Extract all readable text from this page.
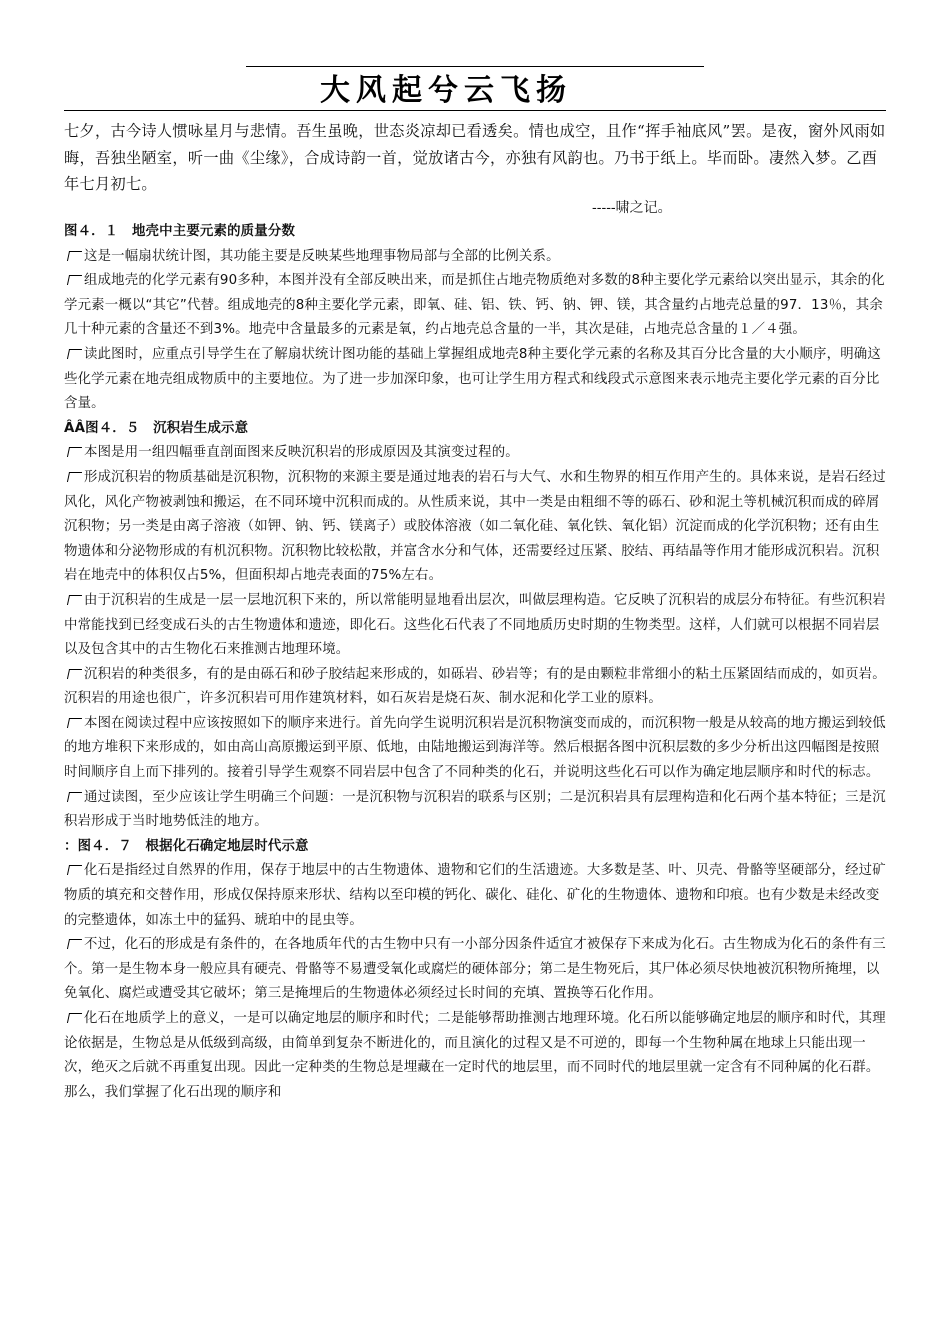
大风起兮云飞扬
七夕，古今诗人惯咏星月与悲情。吾生虽晚，世态炎凉却已看透矣。情也成空，且作“挥手袖底风”罢。是夜，窗外风雨如晦，吾独坐陋室，听一曲《尘缘》，合成诗韵一首，觉放诸古今，亦独有风韵也。乃书于纸上。毕而卧。凄然入梦。乙酉年七月初七。
-----啸之记。

图４．１　地壳中主要元素的质量分数

这是一幅扇状统计图，其功能主要是反映某些地理事物局部与全部的比例关系。

组成地壳的化学元素有90多种，本图并没有全部反映出来，而是抓住占地壳物质绝对多数的8种主要化学元素给以突出显示，其余的化学元素一概以“其它”代替。组成地壳的8种主要化学元素，即氧、硅、铝、铁、钙、钠、钾、镁，其含量约占地壳总量的97．13％，其余几十种元素的含量还不到3%。地壳中含量最多的元素是氧，约占地壳总含量的一半，其次是硅，占地壳总含量的１／４强。

读此图时，应重点引导学生在了解扇状统计图功能的基础上掌握组成地壳8种主要化学元素的名称及其百分比含量的大小顺序，明确这些化学元素在地壳组成物质中的主要地位。为了进一步加深印象，也可让学生用方程式和线段式示意图来表示地壳主要化学元素的百分比含量。

ÂÂ图４．５　沉积岩生成示意

本图是用一组四幅垂直剖面图来反映沉积岩的形成原因及其演变过程的。

形成沉积岩的物质基础是沉积物，沉积物的来源主要是通过地表的岩石与大气、水和生物界的相互作用产生的。具体来说，是岩石经过风化，风化产物被剥蚀和搬运，在不同环境中沉积而成的。从性质来说，其中一类是由粗细不等的砾石、砂和泥土等机械沉积而成的碎屑沉积物；另一类是由离子溶液（如钾、钠、钙、镁离子）或胶体溶液（如二氧化硅、氧化铁、氧化铝）沉淀而成的化学沉积物；还有由生物遗体和分泌物形成的有机沉积物。沉积物比较松散，并富含水分和气体，还需要经过压紧、胶结、再结晶等作用才能形成沉积岩。沉积岩在地壳中的体积仅占5%，但面积却占地壳表面的75%左右。

由于沉积岩的生成是一层一层地沉积下来的，所以常能明显地看出层次，叫做层理构造。它反映了沉积岩的成层分布特征。有些沉积岩中常能找到已经变成石头的古生物遗体和遗迹，即化石。这些化石代表了不同地质历史时期的生物类型。这样，人们就可以根据不同岩层以及包含其中的古生物化石来推测古地理环境。

沉积岩的种类很多，有的是由砾石和砂子胶结起来形成的，如砾岩、砂岩等；有的是由颗粒非常细小的粘土压紧固结而成的，如页岩。沉积岩的用途也很广，许多沉积岩可用作建筑材料，如石灰岩是烧石灰、制水泥和化学工业的原料。

本图在阅读过程中应该按照如下的顺序来进行。首先向学生说明沉积岩是沉积物演变而成的，而沉积物一般是从较高的地方搬运到较低的地方堆积下来形成的，如由高山高原搬运到平原、低地，由陆地搬运到海洋等。然后根据各图中沉积层数的多少分析出这四幅图是按照时间顺序自上而下排列的。接着引导学生观察不同岩层中包含了不同种类的化石，并说明这些化石可以作为确定地层顺序和时代的标志。

通过读图，至少应该让学生明确三个问题：一是沉积物与沉积岩的联系与区别；二是沉积岩具有层理构造和化石两个基本特征；三是沉积岩形成于当时地势低洼的地方。

：图４．７　根据化石确定地层时代示意

化石是指经过自然界的作用，保存于地层中的古生物遗体、遗物和它们的生活遗迹。大多数是茎、叶、贝壳、骨骼等坚硬部分，经过矿物质的填充和交替作用，形成仅保持原来形状、结构以至印模的钙化、碳化、硅化、矿化的生物遗体、遗物和印痕。也有少数是未经改变的完整遗体，如冻土中的猛犸、琥珀中的昆虫等。

不过，化石的形成是有条件的，在各地质年代的古生物中只有一小部分因条件适宜才被保存下来成为化石。古生物成为化石的条件有三个。第一是生物本身一般应具有硬壳、骨骼等不易遭受氧化或腐烂的硬体部分；第二是生物死后，其尸体必须尽快地被沉积物所掩埋，以免氧化、腐烂或遭受其它破坏；第三是掩埋后的生物遗体必须经过长时间的充填、置换等石化作用。

化石在地质学上的意义，一是可以确定地层的顺序和时代；二是能够帮助推测古地理环境。化石所以能够确定地层的顺序和时代，其理论依据是，生物总是从低级到高级，由简单到复杂不断进化的，而且演化的过程又是不可逆的，即每一个生物种属在地球上只能出现一次，绝灭之后就不再重复出现。因此一定种类的生物总是埋藏在一定时代的地层里，而不同时代的地层里就一定含有不同种属的化石群。那么，我们掌握了化石出现的顺序和
